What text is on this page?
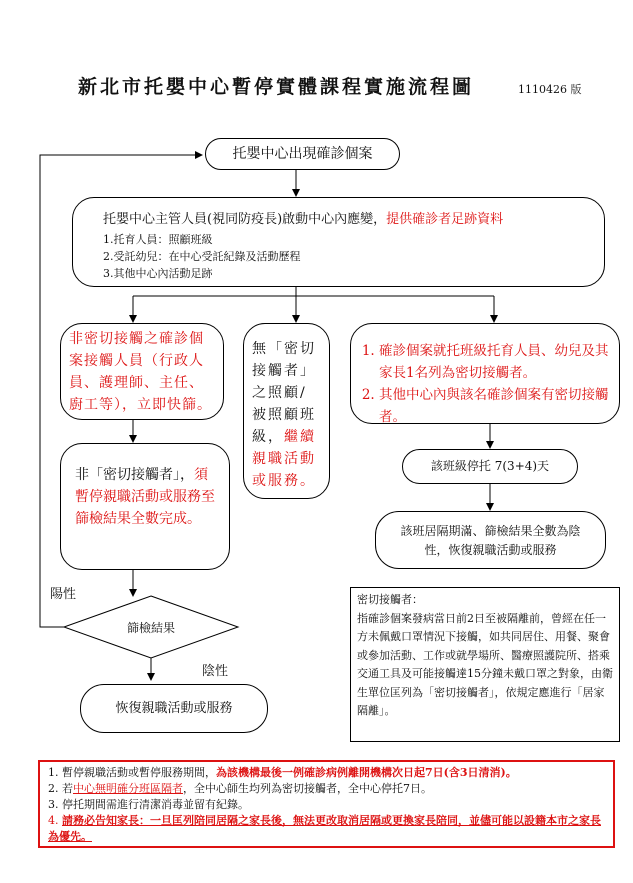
新北市托嬰中心暫停實體課程實施流程圖	1110426 版
托嬰中心出現確診個案
托嬰中心主管人員(視同防疫長)啟動中心內應變，提供確診者足跡資料
1.托育人員：照顧班級
2.受託幼兒：在中心受託紀錄及活動歷程
3.其他中心內活動足跡
非密切接觸之確診個案接觸人員（行政人員、護理師、主任、廚工等），立即快篩。
非「密切接觸者」，須暫停親職活動或服務至篩檢結果全數完成。
無「密切接觸者」之照顧/被照顧班級，繼續親職活動或服務。
1. 確診個案就托班級托育人員、幼兒及其家長1名列為密切接觸者。
2. 其他中心內與該名確診個案有密切接觸者。
該班級停托 7(3+4)天
該班居隔期滿、篩檢結果全數為陰性，恢復親職活動或服務
篩檢結果
陽性
陰性
恢復親職活動或服務
密切接觸者：
指確診個案發病當日前2日至被隔離前，曾經在任一方未佩戴口罩情況下接觸，如共同居住、用餐、聚會或參加活動、工作或就學場所、醫療照護院所、搭乘交通工具及可能接觸達15分鐘未戴口罩之對象，由衛生單位匡列為「密切接觸者」，依規定應進行「居家隔離」。
1. 暫停親職活動或暫停服務期間，為該機構最後一例確診病例離開機構次日起7日(含3日清消)。
2. 若中心無明確分班區隔者，全中心師生均列為密切接觸者，全中心停托7日。
3. 停托期間需進行清潔消毒並留有紀錄。
4. 請務必告知家長：一旦匡列陪同居隔之家長後，無法更改取消居隔或更換家長陪同，並儘可能以設籍本市之家長為優先。
